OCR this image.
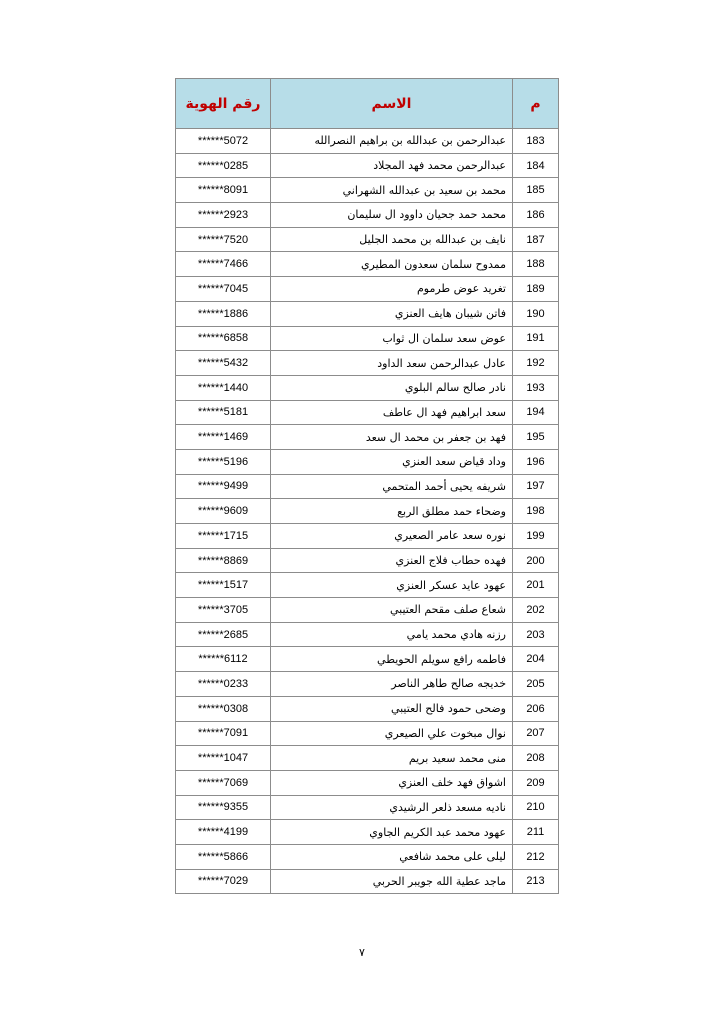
م	الاسم	رقم الهوية
183	عبدالرحمن بن عبدالله بن براهيم النصرالله	******5072
184	عبدالرحمن محمد فهد المجلاد	******0285
185	محمد بن سعيد بن عبدالله الشهراني	******8091
186	محمد حمد جحيان داوود ال سليمان	******2923
187	نايف بن عبدالله بن محمد الجليل	******7520
188	ممدوح سلمان سعدون المطيري	******7466
189	تغريد عوض طرموم	******7045
190	فاتن شيبان هايف العنزي	******1886
191	عوض سعد سلمان ال ثواب	******6858
192	عادل عبدالرحمن سعد الداود	******5432
193	نادر صالح سالم البلوي	******1440
194	سعد ابراهيم فهد ال عاطف	******5181
195	فهد بن جعفر بن محمد ال سعد	******1469
196	وداد قياض سعد العنزي	******5196
197	شريفه يحيى أحمد المتحمي	******9499
198	وضحاء حمد مطلق الربع	******9609
199	نوره سعد عامر الصعيري	******1715
200	فهده حطاب فلاج العنزي	******8869
201	عهود عايد عسكر العنزي	******1517
202	شعاع صلف مقحم العتيبي	******3705
203	رزنه هادي محمد يامي	******2685
204	فاطمه رافع سويلم الحويطي	******6112
205	خديجه صالح طاهر الناصر	******0233
206	وضحى حمود فالح العتيبي	******0308
207	نوال مبخوت علي الصيعري	******7091
208	منى محمد سعيد بريم	******1047
209	اشواق فهد خلف العنزي	******7069
210	ناديه مسعد ذلعر الرشيدي	******9355
211	عهود محمد عبد الكريم الجاوي	******4199
212	ليلى على محمد شافعي	******5866
213	ماجد عطية الله جويبر الحربي	******7029
٧
